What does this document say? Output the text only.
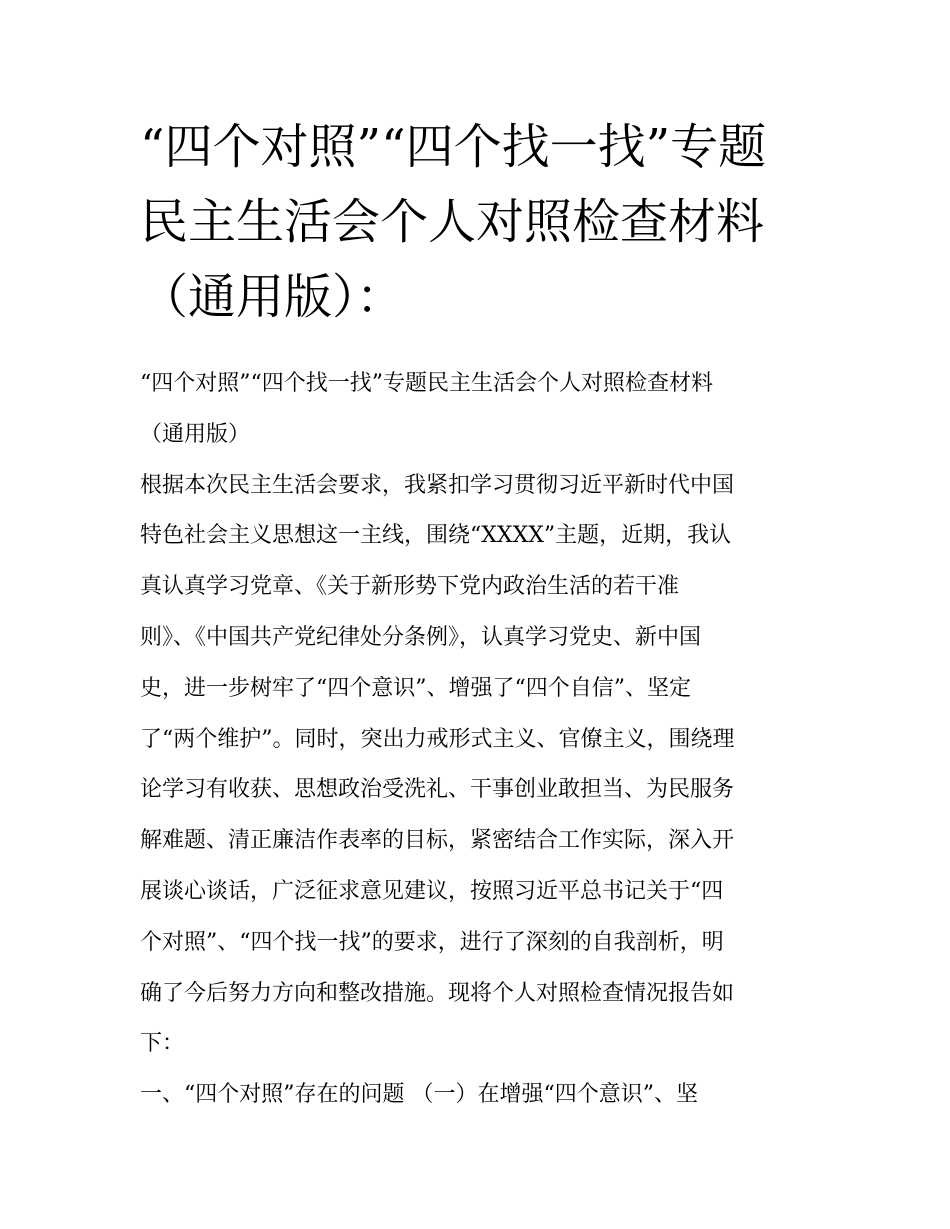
“四个对照”“四个找一找”专题
民主生活会个人对照检查材料
（通用版）：
“四个对照”“四个找一找”专题民主生活会个人对照检查材料
（通用版）
根据本次民主生活会要求，我紧扣学习贯彻习近平新时代中国
特色社会主义思想这一主线，围绕“XXXX”主题，近期，我认
真认真学习党章、《关于新形势下党内政治生活的若干准
则》、《中国共产党纪律处分条例》，认真学习党史、新中国
史，进一步树牢了“四个意识”、增强了“四个自信”、坚定
了“两个维护”。同时，突出力戒形式主义、官僚主义，围绕理
论学习有收获、思想政治受洗礼、干事创业敢担当、为民服务
解难题、清正廉洁作表率的目标，紧密结合工作实际，深入开
展谈心谈话，广泛征求意见建议，按照习近平总书记关于“四
个对照”、“四个找一找”的要求，进行了深刻的自我剖析，明
确了今后努力方向和整改措施。现将个人对照检查情况报告如
下：
一、“四个对照”存在的问题 （一）在增强“四个意识”、坚
